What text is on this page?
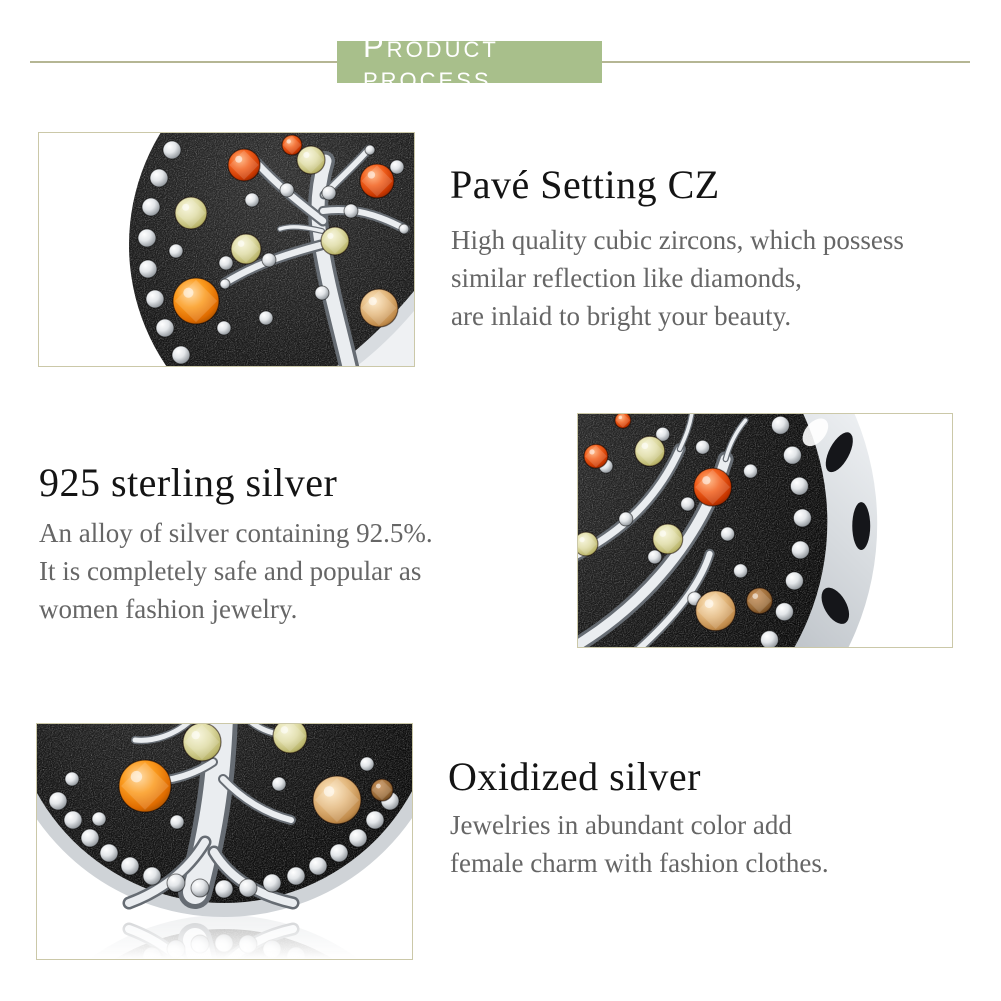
Product process
Pavé Setting CZ
High quality cubic zircons, which possess
similar reflection like diamonds,
are inlaid to bright your beauty.
925 sterling silver
An alloy of silver containing 92.5%.
It is completely safe and popular as
women fashion jewelry.
Oxidized silver
Jewelries in abundant color add
female charm with fashion clothes.
